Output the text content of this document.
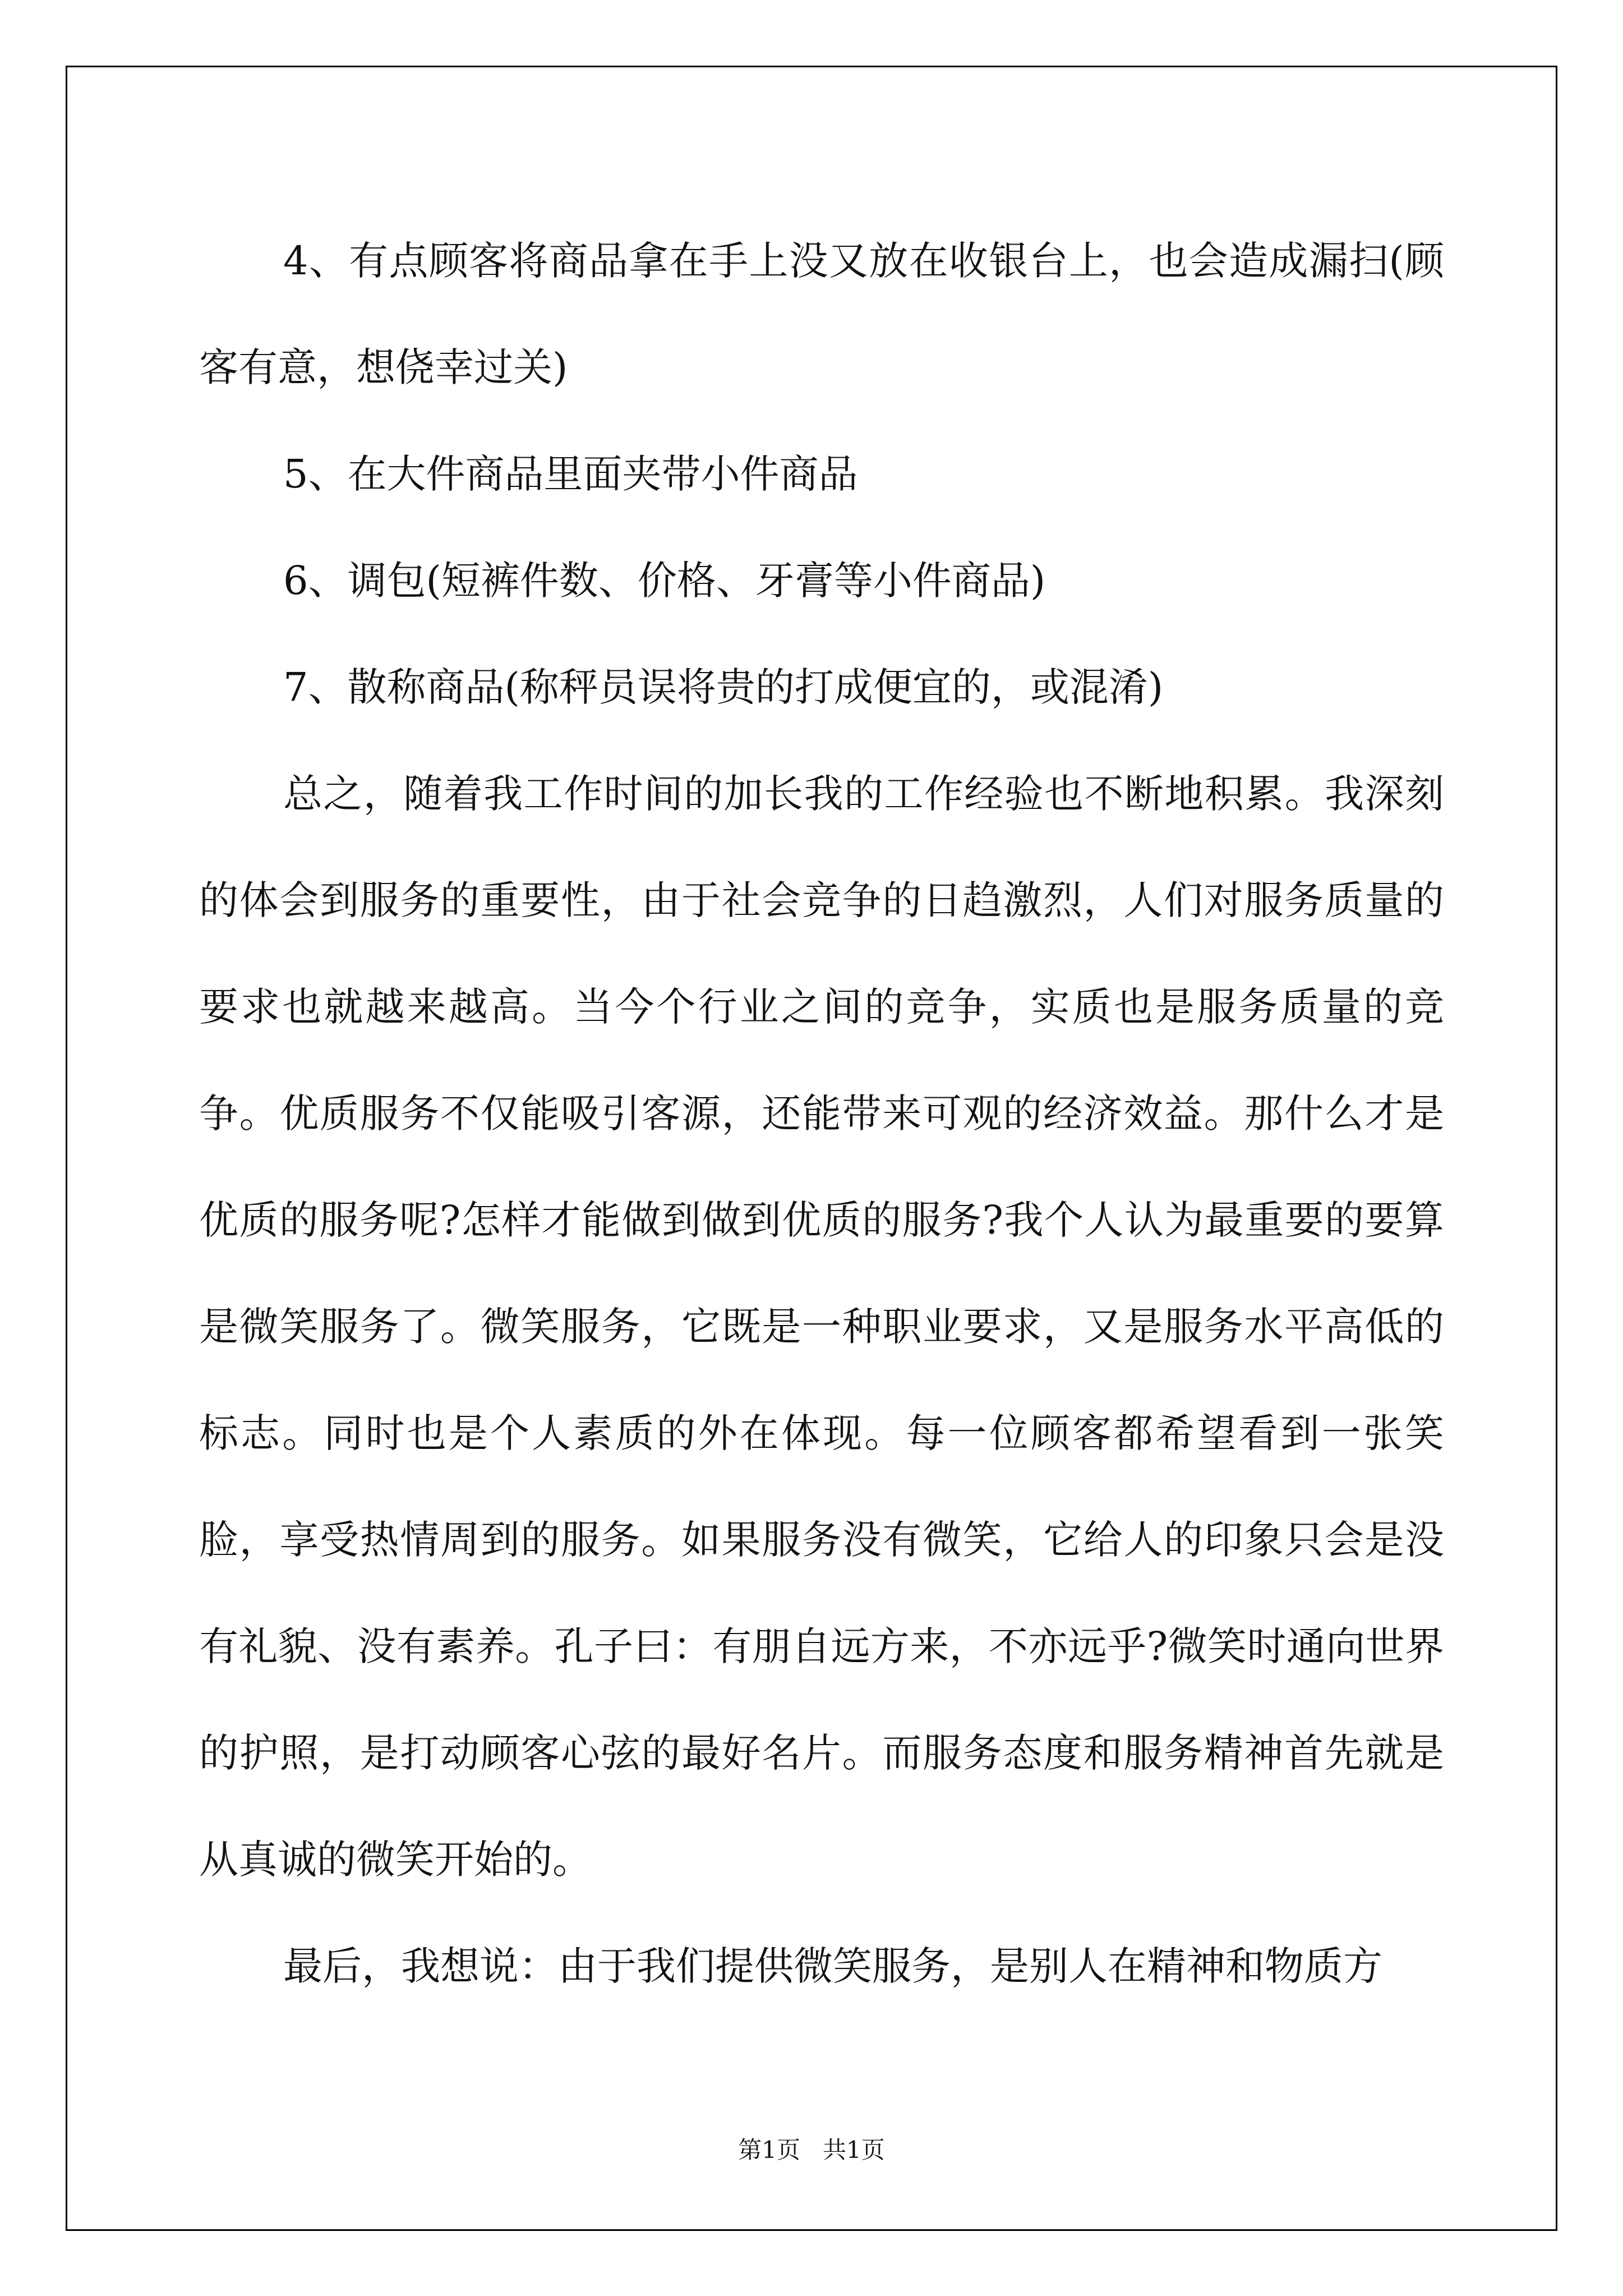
4、有点顾客将商品拿在手上没又放在收银台上，也会造成漏扫(顾客有意，想侥幸过关)

5、在大件商品里面夹带小件商品

6、调包(短裤件数、价格、牙膏等小件商品)

7、散称商品(称秤员误将贵的打成便宜的，或混淆)

总之，随着我工作时间的加长我的工作经验也不断地积累。我深刻的体会到服务的重要性，由于社会竞争的日趋激烈，人们对服务质量的要求也就越来越高。当今个行业之间的竞争，实质也是服务质量的竞争。优质服务不仅能吸引客源，还能带来可观的经济效益。那什么才是优质的服务呢?怎样才能做到做到优质的服务?我个人认为最重要的要算是微笑服务了。微笑服务，它既是一种职业要求，又是服务水平高低的标志。同时也是个人素质的外在体现。每一位顾客都希望看到一张笑脸，享受热情周到的服务。如果服务没有微笑，它给人的印象只会是没有礼貌、没有素养。孔子曰：有朋自远方来，不亦远乎?微笑时通向世界的护照，是打动顾客心弦的最好名片。而服务态度和服务精神首先就是从真诚的微笑开始的。

最后，我想说：由于我们提供微笑服务，是别人在精神和物质方

第1页 共1页
